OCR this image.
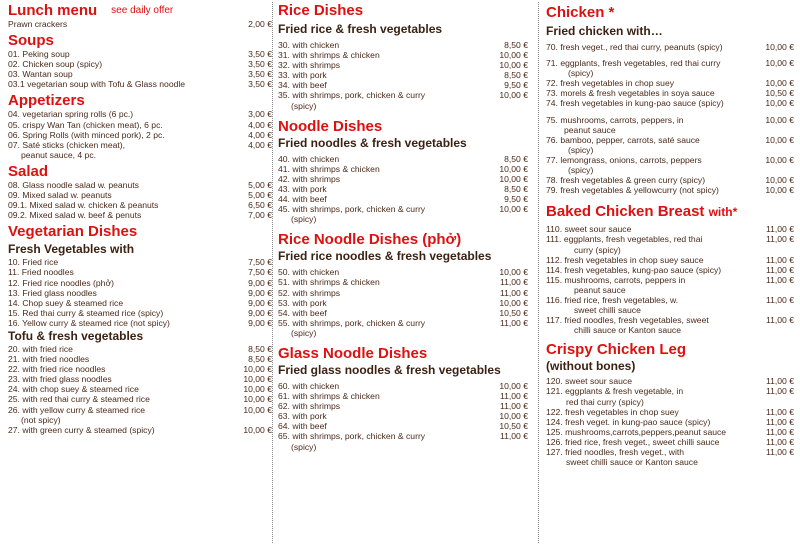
Lunch menu see daily offer
Prawn crackers	2,00 €
Soups
01. Peking soup	3,50 €
02. Chicken soup (spicy)	3,50 €
03. Wantan soup	3,50 €
03.1 vegetarian soup with Tofu & Glass noodle	3,50 €
Appetizers
04. vegetarian spring rolls (6 pc.)	3,00 €
05. crispy Wan Tan (chicken meat), 6 pc.	4,00 €
06. Spring Rolls (with minced pork), 2 pc.	4,00 €
07. Saté sticks (chicken meat),
peanut sauce, 4 pc.
4,00 €
Salad
08. Glass noodle salad w. peanuts	5,00 €
09. Mixed salad w. peanuts	5,00 €
09.1. Mixed salad w. chicken & peanuts	6,50 €
09.2. Mixed salad w. beef & penuts	7,00 €
Vegetarian Dishes
Fresh Vegetables with
10. Fried rice	7,50 €
11. Fried noodles	7,50 €
12. Fried rice noodles (phở)	9,00 €
13. Fried glass noodles	9,00 €
14. Chop suey & steamed rice	9,00 €
15. Red thai curry & steamed rice (spicy)	9,00 €
16. Yellow curry & steamed rice (not spicy)	9,00 €
Tofu & fresh vegetables
20. with fried rice	8,50 €
21. with fried noodles	8,50 €
22. with fried rice noodles	10,00 €
23. with fried glass noodles	10,00 €
24. with chop suey & steamed rice	10,00 €
25. with red thai curry & steamed rice	10,00 €
26. with yellow curry & steamed rice
(not spicy)
10,00 €
27. with green curry & steamed (spicy)	10,00 €
Rice Dishes
Fried rice & fresh vegetables
30. with chicken	8,50 €
31. with shrimps & chicken	10,00 €
32. with shrimps	10,00 €
33. with pork	8,50 €
34. with beef	9,50 €
35. with shrimps, pork, chicken & curry
(spicy)
10,00 €
Noodle Dishes
Fried noodles & fresh vegetables
40. with chicken	8,50 €
41. with shrimps & chicken	10,00 €
42. with shrimps	10,00 €
43. with pork	8,50 €
44. with beef	9,50 €
45. with shrimps, pork, chicken & curry
(spicy)
10,00 €
Rice Noodle Dishes (phở)
Fried rice noodles & fresh vegetables
50. with chicken	10,00 €
51. with shrimps & chicken	11,00 €
52. with shrimps	11,00 €
53. with pork	10,00 €
54. with beef	10,50 €
55. with shrimps, pork, chicken & curry
(spicy)
11,00 €
Glass Noodle Dishes
Fried glass noodles & fresh vegetables
60. with chicken	10,00 €
61. with shrimps & chicken	11,00 €
62. with shrimps	11,00 €
63. with pork	10,00 €
64. with beef	10,50 €
65. with shrimps, pork, chicken & curry
(spicy)
11,00 €
Chicken *
Fried chicken with…
70. fresh veget., red thai curry, peanuts (spicy)	10,00 €
71. eggplants, fresh vegetables, red thai curry
(spicy)
10,00 €
72. fresh vegetables in chop suey	10,00 €
73. morels & fresh vegetables in soya sauce	10,50 €
74. fresh vegetables in kung-pao sauce (spicy)	10,00 €
75. mushrooms, carrots, peppers, in
peanut sauce
10,00 €
76. bamboo, pepper, carrots, saté sauce
(spicy)
10,00 €
77. lemongrass, onions, carrots, peppers
(spicy)
10,00 €
78. fresh vegetables & green curry (spicy)	10,00 €
79. fresh vegetables & yellowcurry (not spicy)	10,00 €
Baked Chicken Breast with*
110. sweet sour sauce	11,00 €
111. eggplants, fresh vegetables, red thai
curry (spicy)
11,00 €
112. fresh vegetables in chop suey sauce	11,00 €
114. fresh vegetables, kung-pao sauce (spicy)	11,00 €
115. mushrooms, carrots, peppers in
peanut sauce
11,00 €
116. fried rice, fresh vegetables, w.
sweet chilli sauce
11,00 €
117. fried noodles, fresh vegetables, sweet
chilli sauce or Kanton sauce
11,00 €
Crispy Chicken Leg
(without bones)
120. sweet sour sauce	11,00 €
121. eggplants & fresh vegetable, in
red thai curry (spicy)
11,00 €
122. fresh vegetables in chop suey	11,00 €
124. fresh veget. in kung-pao sauce (spicy)	11,00 €
125. mushrooms,carrots,peppers,peanut sauce	11,00 €
126. fried rice, fresh veget., sweet chilli sauce	11,00 €
127. fried noodles, fresh veget., with
sweet chilli sauce or Kanton sauce
11,00 €
